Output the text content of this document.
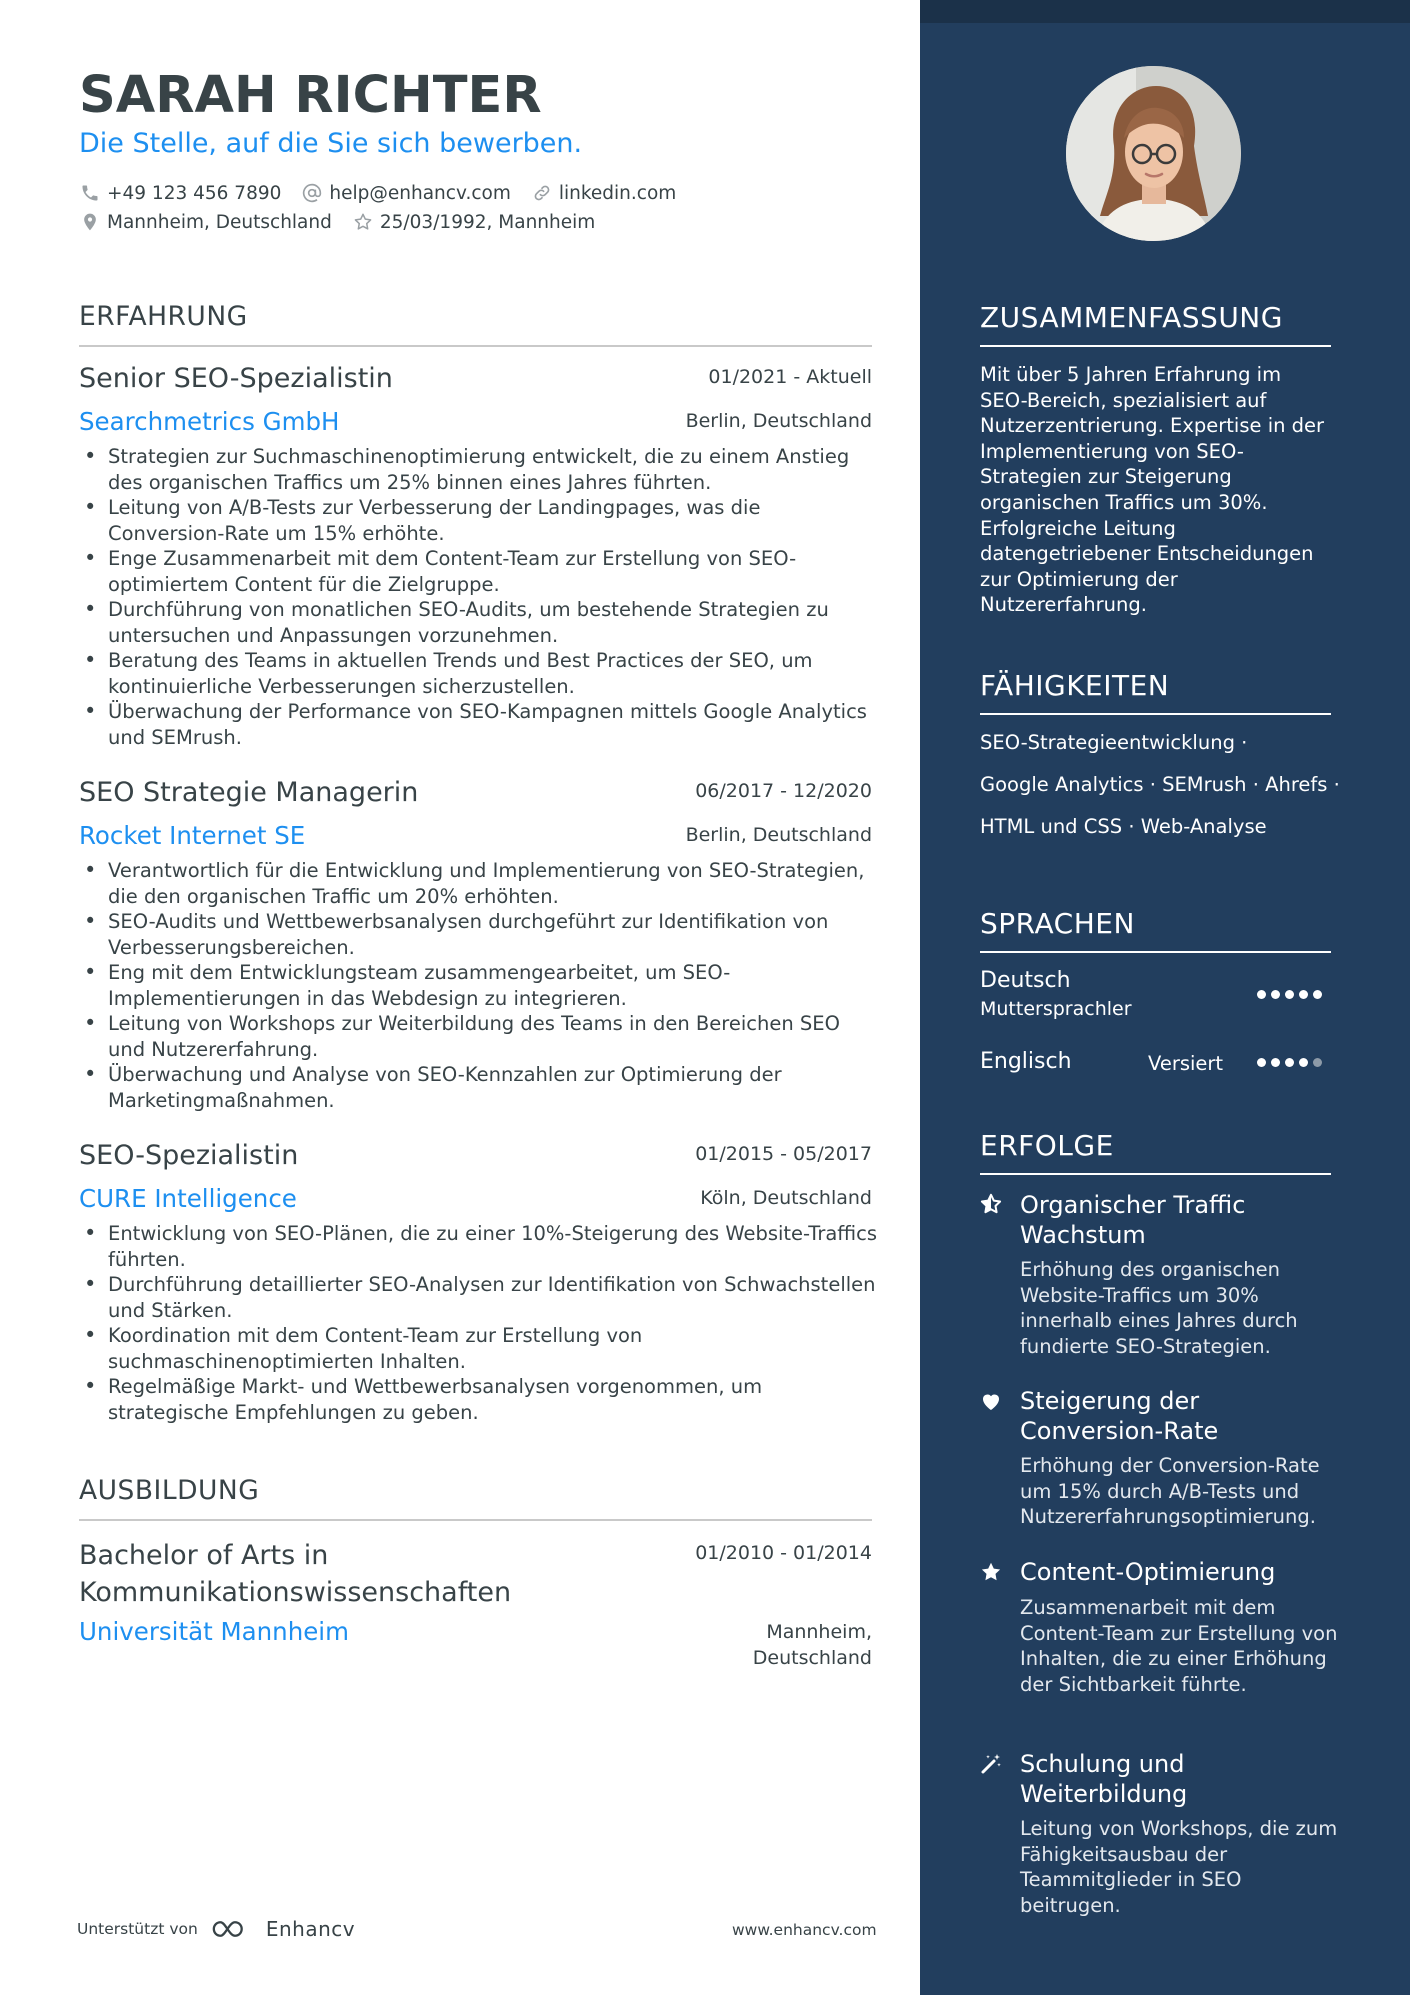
SARAH RICHTER
Die Stelle, auf die Sie sich bewerben.
+49 123 456 7890	help@enhancv.com	linkedin.com
Mannheim, Deutschland	25/03/1992, Mannheim
ERFAHRUNG
Senior SEO-Spezialistin	01/2021 - Aktuell
Searchmetrics GmbH	Berlin, Deutschland
• Strategien zur Suchmaschinenoptimierung entwickelt, die zu einem Anstieg des organischen Traffics um 25% binnen eines Jahres führten.
• Leitung von A/B-Tests zur Verbesserung der Landingpages, was die Conversion-Rate um 15% erhöhte.
• Enge Zusammenarbeit mit dem Content-Team zur Erstellung von SEO-optimiertem Content für die Zielgruppe.
• Durchführung von monatlichen SEO-Audits, um bestehende Strategien zu untersuchen und Anpassungen vorzunehmen.
• Beratung des Teams in aktuellen Trends und Best Practices der SEO, um kontinuierliche Verbesserungen sicherzustellen.
• Überwachung der Performance von SEO-Kampagnen mittels Google Analytics und SEMrush.
SEO Strategie Managerin	06/2017 - 12/2020
Rocket Internet SE	Berlin, Deutschland
• Verantwortlich für die Entwicklung und Implementierung von SEO-Strategien, die den organischen Traffic um 20% erhöhten.
• SEO-Audits und Wettbewerbsanalysen durchgeführt zur Identifikation von Verbesserungsbereichen.
• Eng mit dem Entwicklungsteam zusammengearbeitet, um SEO-Implementierungen in das Webdesign zu integrieren.
• Leitung von Workshops zur Weiterbildung des Teams in den Bereichen SEO und Nutzererfahrung.
• Überwachung und Analyse von SEO-Kennzahlen zur Optimierung der Marketingmaßnahmen.
SEO-Spezialistin	01/2015 - 05/2017
CURE Intelligence	Köln, Deutschland
• Entwicklung von SEO-Plänen, die zu einer 10%-Steigerung des Website-Traffics führten.
• Durchführung detaillierter SEO-Analysen zur Identifikation von Schwachstellen und Stärken.
• Koordination mit dem Content-Team zur Erstellung von suchmaschinenoptimierten Inhalten.
• Regelmäßige Markt- und Wettbewerbsanalysen vorgenommen, um strategische Empfehlungen zu geben.
AUSBILDUNG
Bachelor of Arts in
Kommunikationswissenschaften
01/2010 - 01/2014
Universität Mannheim	Mannheim,
Deutschland
Unterstützt von	Enhancv	www.enhancv.com
ZUSAMMENFASSUNG
Mit über 5 Jahren Erfahrung im SEO-Bereich, spezialisiert auf Nutzerzentrierung. Expertise in der Implementierung von SEO-Strategien zur Steigerung organischen Traffics um 30%. Erfolgreiche Leitung datengetriebener Entscheidungen zur Optimierung der Nutzererfahrung.
FÄHIGKEITEN
SEO-Strategieentwicklung ·
Google Analytics · SEMrush · Ahrefs ·
HTML und CSS · Web-Analyse
SPRACHEN
Deutsch
Muttersprachler
Englisch	Versiert
ERFOLGE
Organischer Traffic Wachstum
Erhöhung des organischen Website-Traffics um 30% innerhalb eines Jahres durch fundierte SEO-Strategien.
Steigerung der Conversion-Rate
Erhöhung der Conversion-Rate um 15% durch A/B-Tests und Nutzererfahrungsoptimierung.
Content-Optimierung
Zusammenarbeit mit dem Content-Team zur Erstellung von Inhalten, die zu einer Erhöhung der Sichtbarkeit führte.
Schulung und Weiterbildung
Leitung von Workshops, die zum Fähigkeitsausbau der Teammitglieder in SEO beitrugen.
